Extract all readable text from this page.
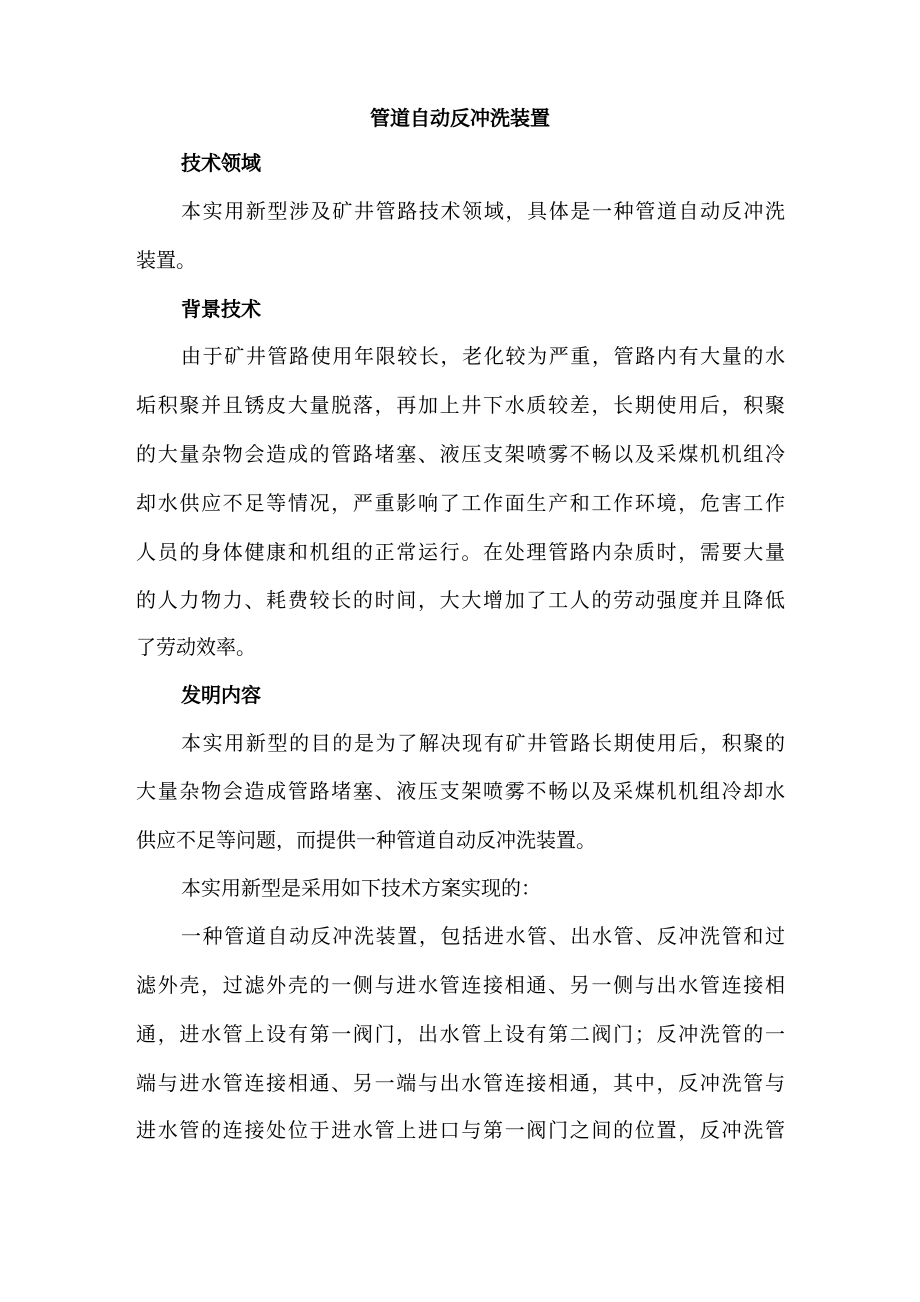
管道自动反冲洗装置
技术领域
本实用新型涉及矿井管路技术领域，具体是一种管道自动反冲洗
装置。
背景技术
由于矿井管路使用年限较长，老化较为严重，管路内有大量的水
垢积聚并且锈皮大量脱落，再加上井下水质较差，长期使用后，积聚
的大量杂物会造成的管路堵塞、液压支架喷雾不畅以及采煤机机组冷
却水供应不足等情况，严重影响了工作面生产和工作环境，危害工作
人员的身体健康和机组的正常运行。在处理管路内杂质时，需要大量
的人力物力、耗费较长的时间，大大增加了工人的劳动强度并且降低
了劳动效率。
发明内容
本实用新型的目的是为了解决现有矿井管路长期使用后，积聚的
大量杂物会造成管路堵塞、液压支架喷雾不畅以及采煤机机组冷却水
供应不足等问题，而提供一种管道自动反冲洗装置。
本实用新型是采用如下技术方案实现的：
一种管道自动反冲洗装置，包括进水管、出水管、反冲洗管和过
滤外壳，过滤外壳的一侧与进水管连接相通、另一侧与出水管连接相
通，进水管上设有第一阀门，出水管上设有第二阀门；反冲洗管的一
端与进水管连接相通、另一端与出水管连接相通，其中，反冲洗管与
进水管的连接处位于进水管上进口与第一阀门之间的位置，反冲洗管
